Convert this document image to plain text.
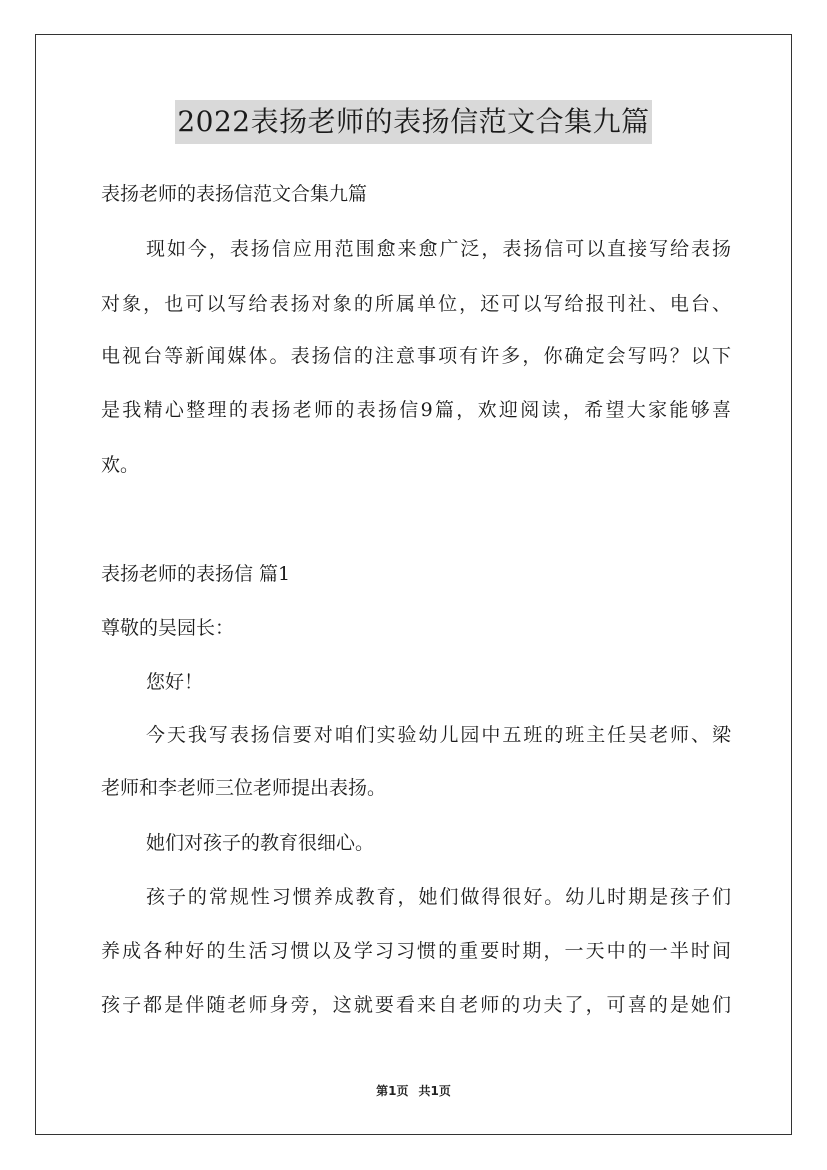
2022表扬老师的表扬信范文合集九篇
表扬老师的表扬信范文合集九篇
现如今，表扬信应用范围愈来愈广泛，表扬信可以直接写给表扬
对象，也可以写给表扬对象的所属单位，还可以写给报刊社、电台、
电视台等新闻媒体。表扬信的注意事项有许多，你确定会写吗？以下
是我精心整理的表扬老师的表扬信9篇，欢迎阅读，希望大家能够喜
欢。
表扬老师的表扬信 篇1
尊敬的吴园长：
您好！
今天我写表扬信要对咱们实验幼儿园中五班的班主任吴老师、梁
老师和李老师三位老师提出表扬。
她们对孩子的教育很细心。
孩子的常规性习惯养成教育，她们做得很好。幼儿时期是孩子们
养成各种好的生活习惯以及学习习惯的重要时期，一天中的一半时间
孩子都是伴随老师身旁，这就要看来自老师的功夫了，可喜的是她们
第1页 共1页
